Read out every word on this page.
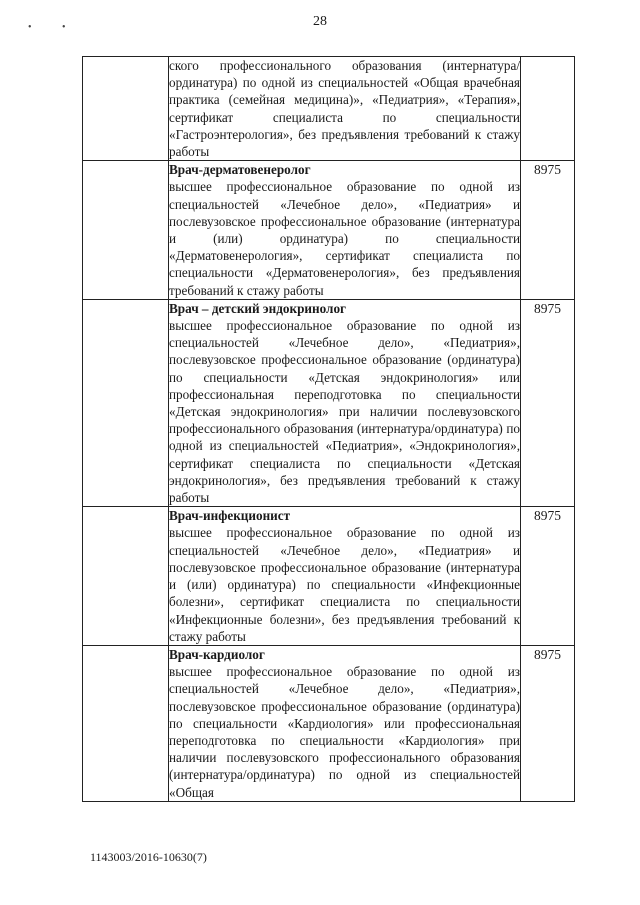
28
• •

	ского профессионального образования (интернатура/ординатура) по одной из специальностей «Общая врачебная практика (семейная медицина)», «Педиатрия», «Терапия», сертификат специалиста по специальности «Гастроэнтерология», без предъявления требований к стажу работы	

	Врач-дерматовенеролог
высшее профессиональное образование по одной из специальностей «Лечебное дело», «Педиатрия» и послевузовское профессиональное образование (интернатура и (или) ординатура) по специальности «Дерматовенерология», сертификат специалиста по специальности «Дерматовенерология», без предъявления требований к стажу работы	8975

	Врач – детский эндокринолог
высшее профессиональное образование по одной из специальностей «Лечебное дело», «Педиатрия», послевузовское профессиональное образование (ординатура) по специальности «Детская эндокринология» или профессиональная переподготовка по специальности «Детская эндокринология» при наличии послевузовского профессионального образования (интернатура/ординатура) по одной из специальностей «Педиатрия», «Эндокринология», сертификат специалиста по специальности «Детская эндокринология», без предъявления требований к стажу работы	8975

	Врач-инфекционист
высшее профессиональное образование по одной из специальностей «Лечебное дело», «Педиатрия» и послевузовское профессиональное образование (интернатура и (или) ординатура) по специальности «Инфекционные болезни», сертификат специалиста по специальности «Инфекционные болезни», без предъявления требований к стажу работы	8975

	Врач-кардиолог
высшее профессиональное образование по одной из специальностей «Лечебное дело», «Педиатрия», послевузовское профессиональное образование (ординатура) по специальности «Кардиология» или профессиональная переподготовка по специальности «Кардиология» при наличии послевузовского профессионального образования (интернатура/ординатура) по одной из специальностей «Общая	8975
1143003/2016-10630(7)
